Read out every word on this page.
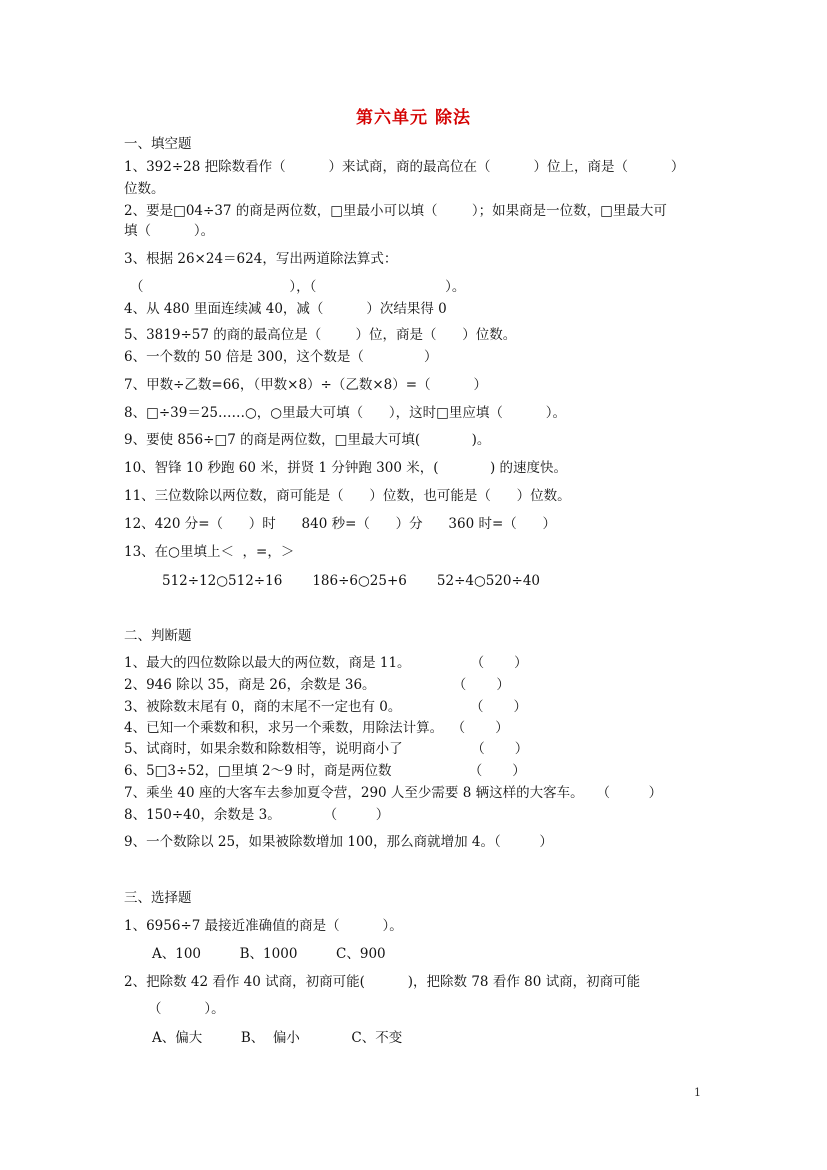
第六单元 除法
一、填空题
1、392÷28 把除数看作（          ）来试商，商的最高位在（          ）位上，商是（          ）
位数。
2、要是□04÷37 的商是两位数，□里最小可以填（        ）；如果商是一位数，□里最大可
填（          ）。
3、根据 26×24＝624，写出两道除法算式：
（                                  ），（                              ）。
4、从 480 里面连续减 40，减（          ）次结果得 0
5、3819÷57 的商的最高位是（        ）位，商是（      ）位数。
6、一个数的 50 倍是 300，这个数是（              ）
7、甲数÷乙数=66，（甲数×8）÷（乙数×8）=（          ）
8、□÷39＝25……○，○里最大可填（      ），这时□里应填（          ）。
9、要使 856÷□7 的商是两位数，□里最大可填(            )。
10、智锋 10 秒跑 60 米，拼贤 1 分钟跑 300 米，(            ) 的速度快。
11、三位数除以两位数，商可能是（      ）位数，也可能是（      ）位数。
12、420 分=（      ）时      840 秒=（      ）分      360 时=（      ）
13、在○里填上＜  ，=，＞
512÷12○512÷16       186÷6○25+6       52÷4○520÷40
二、判断题
1、最大的四位数除以最大的两位数，商是 11。              （       ）
2、946 除以 35，商是 26，余数是 36。                  （       ）
3、被除数末尾有 0，商的末尾不一定也有 0。                （       ）
4、已知一个乘数和积，求另一个乘数，用除法计算。  （       ）
5、试商时，如果余数和除数相等，说明商小了                （       ）
6、5□3÷52，□里填 2～9 时，商是两位数                  （       ）
7、乘坐 40 座的大客车去参加夏令营，290 人至少需要 8 辆这样的大客车。   （         ）
8、150÷40，余数是 3。          （         ）
9、一个数除以 25，如果被除数增加 100，那么商就增加 4。（         ）
三、选择题
1、6956÷7 最接近准确值的商是（          ）。
A、100         B、1000         C、900
2、把除数 42 看作 40 试商，初商可能(          )，把除数 78 看作 80 试商，初商可能
（          ）。
A、偏大         B、  偏小            C、不变
1
